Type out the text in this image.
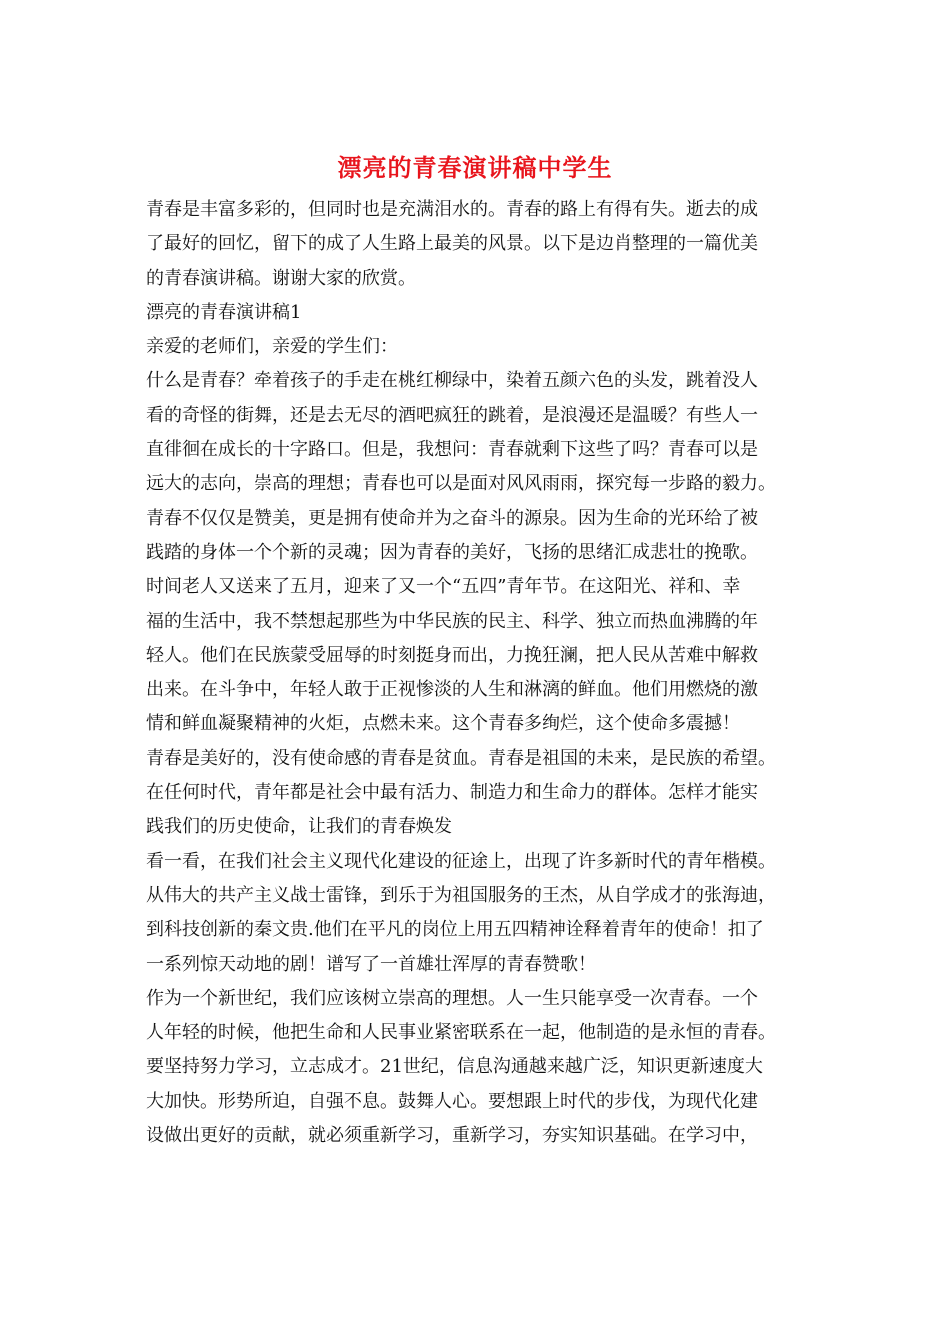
漂亮的青春演讲稿中学生
青春是丰富多彩的，但同时也是充满泪水的。青春的路上有得有失。逝去的成
了最好的回忆，留下的成了人生路上最美的风景。以下是边肖整理的一篇优美
的青春演讲稿。谢谢大家的欣赏。
漂亮的青春演讲稿1
亲爱的老师们，亲爱的学生们：
什么是青春？牵着孩子的手走在桃红柳绿中，染着五颜六色的头发，跳着没人
看的奇怪的街舞，还是去无尽的酒吧疯狂的跳着，是浪漫还是温暖？有些人一
直徘徊在成长的十字路口。但是，我想问：青春就剩下这些了吗？青春可以是
远大的志向，崇高的理想；青春也可以是面对风风雨雨，探究每一步路的毅力。
青春不仅仅是赞美，更是拥有使命并为之奋斗的源泉。因为生命的光环给了被
践踏的身体一个个新的灵魂；因为青春的美好，飞扬的思绪汇成悲壮的挽歌。
时间老人又送来了五月，迎来了又一个“五四”青年节。在这阳光、祥和、幸
福的生活中，我不禁想起那些为中华民族的民主、科学、独立而热血沸腾的年
轻人。他们在民族蒙受屈辱的时刻挺身而出，力挽狂澜，把人民从苦难中解救
出来。在斗争中，年轻人敢于正视惨淡的人生和淋漓的鲜血。他们用燃烧的激
情和鲜血凝聚精神的火炬，点燃未来。这个青春多绚烂，这个使命多震撼！
青春是美好的，没有使命感的青春是贫血。青春是祖国的未来，是民族的希望。
在任何时代，青年都是社会中最有活力、制造力和生命力的群体。怎样才能实
践我们的历史使命，让我们的青春焕发
看一看，在我们社会主义现代化建设的征途上，出现了许多新时代的青年楷模。
从伟大的共产主义战士雷锋，到乐于为祖国服务的王杰，从自学成才的张海迪，
到科技创新的秦文贵.他们在平凡的岗位上用五四精神诠释着青年的使命！扣了
一系列惊天动地的剧！谱写了一首雄壮浑厚的青春赞歌！
作为一个新世纪，我们应该树立崇高的理想。人一生只能享受一次青春。一个
人年轻的时候，他把生命和人民事业紧密联系在一起，他制造的是永恒的青春。
要坚持努力学习，立志成才。21世纪，信息沟通越来越广泛，知识更新速度大
大加快。形势所迫，自强不息。鼓舞人心。要想跟上时代的步伐，为现代化建
设做出更好的贡献，就必须重新学习，重新学习，夯实知识基础。在学习中，
